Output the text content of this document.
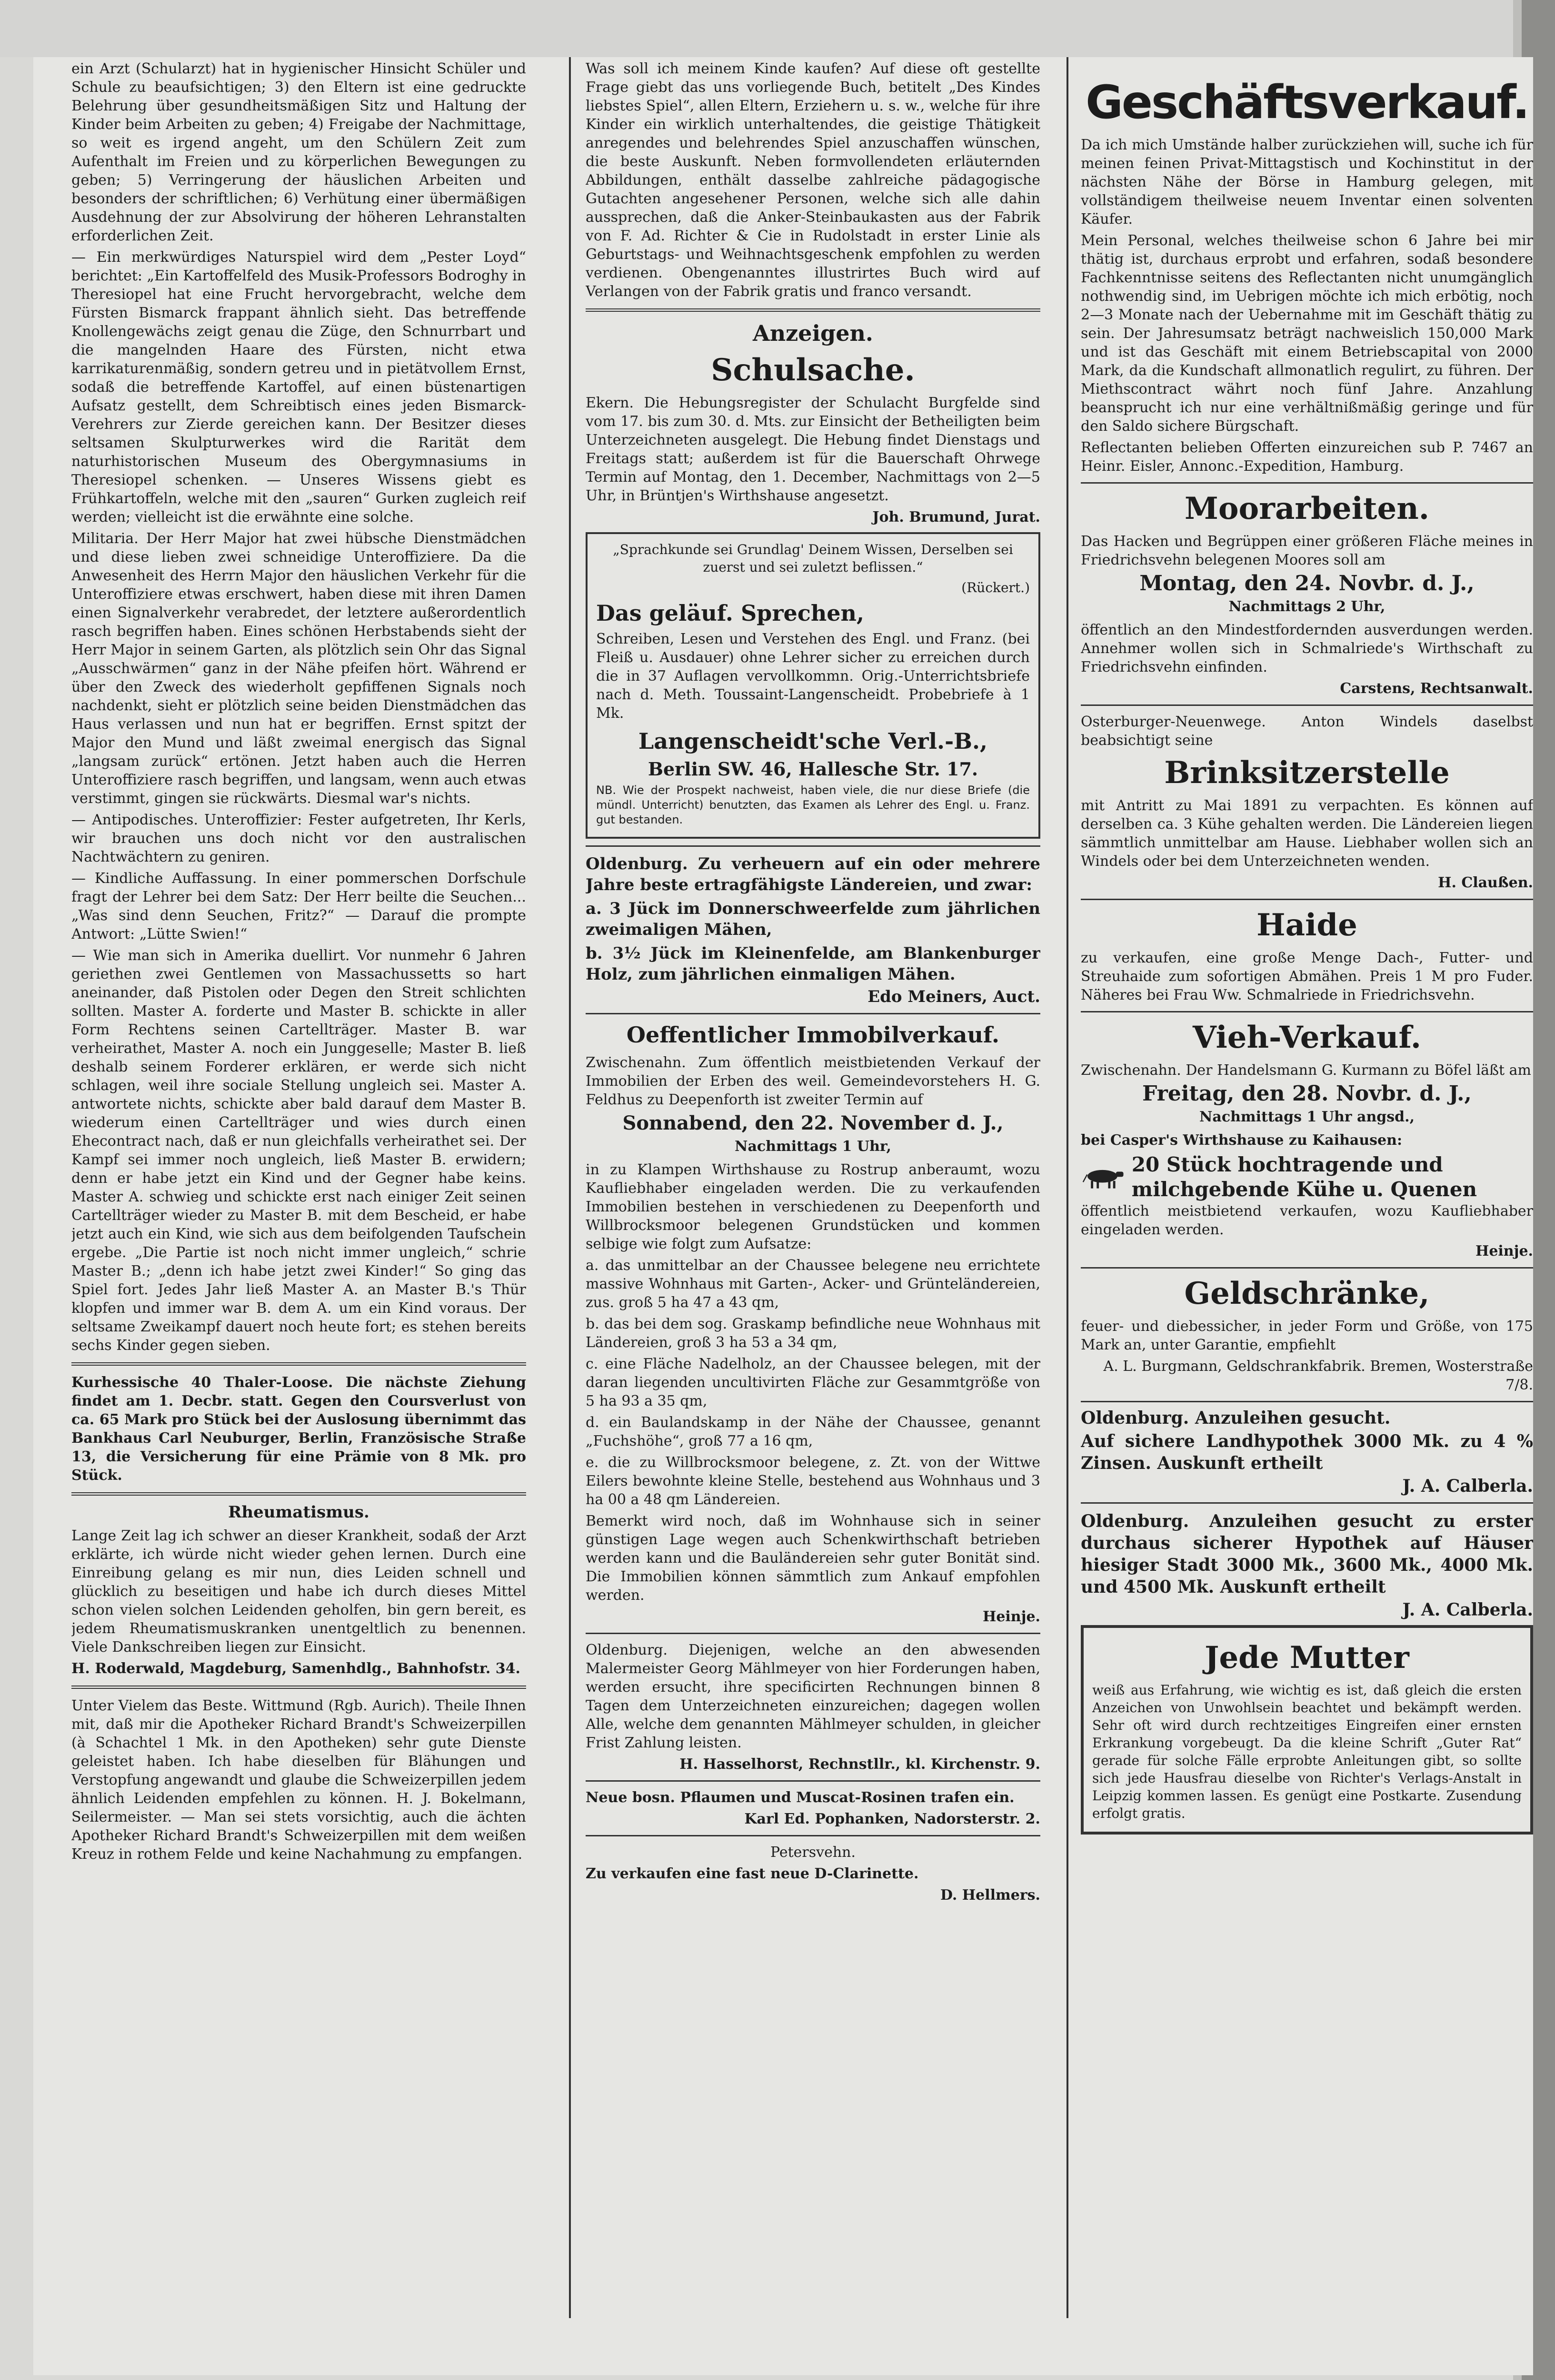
ein Arzt (Schularzt) hat in hygienischer Hinsicht Schüler und Schule zu beaufsichtigen; 3) den Eltern ist eine gedruckte Belehrung über gesundheitsmäßigen Sitz und Haltung der Kinder beim Arbeiten zu geben; 4) Freigabe der Nachmittage, so weit es irgend angeht, um den Schülern Zeit zum Aufenthalt im Freien und zu körperlichen Bewegungen zu geben; 5) Verringerung der häuslichen Arbeiten und besonders der schriftlichen; 6) Verhütung einer übermäßigen Ausdehnung der zur Absolvirung der höheren Lehranstalten erforderlichen Zeit.

— Ein merkwürdiges Naturspiel wird dem „Pester Loyd“ berichtet: „Ein Kartoffelfeld des Musik-Professors Bodroghy in Theresiopel hat eine Frucht hervorgebracht, welche dem Fürsten Bismarck frappant ähnlich sieht. Das betreffende Knollengewächs zeigt genau die Züge, den Schnurrbart und die mangelnden Haare des Fürsten, nicht etwa karrikaturenmäßig, sondern getreu und in pietätvollem Ernst, sodaß die betreffende Kartoffel, auf einen büstenartigen Aufsatz gestellt, dem Schreibtisch eines jeden Bismarck-Verehrers zur Zierde gereichen kann. Der Besitzer dieses seltsamen Skulpturwerkes wird die Rarität dem naturhistorischen Museum des Obergymnasiums in Theresiopel schenken. — Unseres Wissens giebt es Frühkartoffeln, welche mit den „sauren“ Gurken zugleich reif werden; vielleicht ist die erwähnte eine solche.

Militaria. Der Herr Major hat zwei hübsche Dienstmädchen und diese lieben zwei schneidige Unteroffiziere. Da die Anwesenheit des Herrn Major den häuslichen Verkehr für die Unteroffiziere etwas erschwert, haben diese mit ihren Damen einen Signalverkehr verabredet, der letztere außerordentlich rasch begriffen haben. Eines schönen Herbstabends sieht der Herr Major in seinem Garten, als plötzlich sein Ohr das Signal „Ausschwärmen“ ganz in der Nähe pfeifen hört. Während er über den Zweck des wiederholt gepfiffenen Signals noch nachdenkt, sieht er plötzlich seine beiden Dienstmädchen das Haus verlassen und nun hat er begriffen. Ernst spitzt der Major den Mund und läßt zweimal energisch das Signal „langsam zurück“ ertönen. Jetzt haben auch die Herren Unteroffiziere rasch begriffen, und langsam, wenn auch etwas verstimmt, gingen sie rückwärts. Diesmal war's nichts.

— Antipodisches. Unteroffizier: Fester aufgetreten, Ihr Kerls, wir brauchen uns doch nicht vor den australischen Nachtwächtern zu geniren.

— Kindliche Auffassung. In einer pommerschen Dorfschule fragt der Lehrer bei dem Satz: Der Herr beilte die Seuchen... „Was sind denn Seuchen, Fritz?“ — Darauf die prompte Antwort: „Lütte Swien!“

— Wie man sich in Amerika duellirt. Vor nunmehr 6 Jahren geriethen zwei Gentlemen von Massachussetts so hart aneinander, daß Pistolen oder Degen den Streit schlichten sollten. Master A. forderte und Master B. schickte in aller Form Rechtens seinen Cartellträger. Master B. war verheirathet, Master A. noch ein Junggeselle; Master B. ließ deshalb seinem Forderer erklären, er werde sich nicht schlagen, weil ihre sociale Stellung ungleich sei. Master A. antwortete nichts, schickte aber bald darauf dem Master B. wiederum einen Cartellträger und wies durch einen Ehecontract nach, daß er nun gleichfalls verheirathet sei. Der Kampf sei immer noch ungleich, ließ Master B. erwidern; denn er habe jetzt ein Kind und der Gegner habe keins. Master A. schwieg und schickte erst nach einiger Zeit seinen Cartellträger wieder zu Master B. mit dem Bescheid, er habe jetzt auch ein Kind, wie sich aus dem beifolgenden Taufschein ergebe. „Die Partie ist noch nicht immer ungleich,“ schrie Master B.; „denn ich habe jetzt zwei Kinder!“ So ging das Spiel fort. Jedes Jahr ließ Master A. an Master B.'s Thür klopfen und immer war B. dem A. um ein Kind voraus. Der seltsame Zweikampf dauert noch heute fort; es stehen bereits sechs Kinder gegen sieben.

Kurhessische 40 Thaler-Loose. Die nächste Ziehung findet am 1. Decbr. statt. Gegen den Coursverlust von ca. 65 Mark pro Stück bei der Auslosung übernimmt das Bankhaus Carl Neuburger, Berlin, Französische Straße 13, die Versicherung für eine Prämie von 8 Mk. pro Stück.

Rheumatismus.

Lange Zeit lag ich schwer an dieser Krankheit, sodaß der Arzt erklärte, ich würde nicht wieder gehen lernen. Durch eine Einreibung gelang es mir nun, dies Leiden schnell und glücklich zu beseitigen und habe ich durch dieses Mittel schon vielen solchen Leidenden geholfen, bin gern bereit, es jedem Rheumatismuskranken unentgeltlich zu benennen. Viele Dankschreiben liegen zur Einsicht.

H. Roderwald, Magdeburg, Samenhdlg., Bahnhofstr. 34.

Unter Vielem das Beste. Wittmund (Rgb. Aurich). Theile Ihnen mit, daß mir die Apotheker Richard Brandt's Schweizerpillen (à Schachtel 1 Mk. in den Apotheken) sehr gute Dienste geleistet haben. Ich habe dieselben für Blähungen und Verstopfung angewandt und glaube die Schweizerpillen jedem ähnlich Leidenden empfehlen zu können. H. J. Bokelmann, Seilermeister. — Man sei stets vorsichtig, auch die ächten Apotheker Richard Brandt's Schweizerpillen mit dem weißen Kreuz in rothem Felde und keine Nachahmung zu empfangen.

Was soll ich meinem Kinde kaufen? Auf diese oft gestellte Frage giebt das uns vorliegende Buch, betitelt „Des Kindes liebstes Spiel“, allen Eltern, Erziehern u. s. w., welche für ihre Kinder ein wirklich unterhaltendes, die geistige Thätigkeit anregendes und belehrendes Spiel anzuschaffen wünschen, die beste Auskunft. Neben formvollendeten erläuternden Abbildungen, enthält dasselbe zahlreiche pädagogische Gutachten angesehener Personen, welche sich alle dahin aussprechen, daß die Anker-Steinbaukasten aus der Fabrik von F. Ad. Richter & Cie in Rudolstadt in erster Linie als Geburtstags- und Weihnachtsgeschenk empfohlen zu werden verdienen. Obengenanntes illustrirtes Buch wird auf Verlangen von der Fabrik gratis und franco versandt.

Anzeigen.

Schulsache.

Ekern. Die Hebungsregister der Schulacht Burgfelde sind vom 17. bis zum 30. d. Mts. zur Einsicht der Betheiligten beim Unterzeichneten ausgelegt. Die Hebung findet Dienstags und Freitags statt; außerdem ist für die Bauerschaft Ohrwege Termin auf Montag, den 1. December, Nachmittags von 2—5 Uhr, in Brüntjen's Wirthshause angesetzt.

Joh. Brumund, Jurat.

„Sprachkunde sei Grundlag' Deinem Wissen, Derselben sei zuerst und sei zuletzt beflissen.“

(Rückert.)

Das geläuf. Sprechen,

Schreiben, Lesen und Verstehen des Engl. und Franz. (bei Fleiß u. Ausdauer) ohne Lehrer sicher zu erreichen durch die in 37 Auflagen vervollkommn. Orig.-Unterrichtsbriefe nach d. Meth. Toussaint-Langenscheidt. Probebriefe à 1 Mk.

Langenscheidt'sche Verl.-B.,

Berlin SW. 46, Hallesche Str. 17.

NB. Wie der Prospekt nachweist, haben viele, die nur diese Briefe (die mündl. Unterricht) benutzten, das Examen als Lehrer des Engl. u. Franz. gut bestanden.

Oldenburg. Zu verheuern auf ein oder mehrere Jahre beste ertragfähigste Ländereien, und zwar:

a. 3 Jück im Donnerschweerfelde zum jährlichen zweimaligen Mähen,

b. 3½ Jück im Kleinenfelde, am Blankenburger Holz, zum jährlichen einmaligen Mähen.

Edo Meiners, Auct.

Oeffentlicher Immobilverkauf.

Zwischenahn. Zum öffentlich meistbietenden Verkauf der Immobilien der Erben des weil. Gemeindevorstehers H. G. Feldhus zu Deepenforth ist zweiter Termin auf

Sonnabend, den 22. November d. J.,

Nachmittags 1 Uhr,

in zu Klampen Wirthshause zu Rostrup anberaumt, wozu Kaufliebhaber eingeladen werden. Die zu verkaufenden Immobilien bestehen in verschiedenen zu Deepenforth und Willbrocksmoor belegenen Grundstücken und kommen selbige wie folgt zum Aufsatze:

a. das unmittelbar an der Chaussee belegene neu errichtete massive Wohnhaus mit Garten-, Acker- und Grünteländereien, zus. groß 5 ha 47 a 43 qm,

b. das bei dem sog. Graskamp befindliche neue Wohnhaus mit Ländereien, groß 3 ha 53 a 34 qm,

c. eine Fläche Nadelholz, an der Chaussee belegen, mit der daran liegenden uncultivirten Fläche zur Gesammtgröße von 5 ha 93 a 35 qm,

d. ein Baulandskamp in der Nähe der Chaussee, genannt „Fuchshöhe“, groß 77 a 16 qm,

e. die zu Willbrocksmoor belegene, z. Zt. von der Wittwe Eilers bewohnte kleine Stelle, bestehend aus Wohnhaus und 3 ha 00 a 48 qm Ländereien.

Bemerkt wird noch, daß im Wohnhause sich in seiner günstigen Lage wegen auch Schenkwirthschaft betrieben werden kann und die Bauländereien sehr guter Bonität sind. Die Immobilien können sämmtlich zum Ankauf empfohlen werden.

Heinje.

Oldenburg. Diejenigen, welche an den abwesenden Malermeister Georg Mählmeyer von hier Forderungen haben, werden ersucht, ihre specificirten Rechnungen binnen 8 Tagen dem Unterzeichneten einzureichen; dagegen wollen Alle, welche dem genannten Mählmeyer schulden, in gleicher Frist Zahlung leisten.

H. Hasselhorst, Rechnstllr., kl. Kirchenstr. 9.

Neue bosn. Pflaumen und Muscat-Rosinen trafen ein.

Karl Ed. Pophanken, Nadorsterstr. 2.

Petersvehn.

Zu verkaufen eine fast neue D-Clarinette.

D. Hellmers.

Geschäftsverkauf.

Da ich mich Umstände halber zurückziehen will, suche ich für meinen feinen Privat-Mittagstisch und Kochinstitut in der nächsten Nähe der Börse in Hamburg gelegen, mit vollständigem theilweise neuem Inventar einen solventen Käufer.

Mein Personal, welches theilweise schon 6 Jahre bei mir thätig ist, durchaus erprobt und erfahren, sodaß besondere Fachkenntnisse seitens des Reflectanten nicht unumgänglich nothwendig sind, im Uebrigen möchte ich mich erbötig, noch 2—3 Monate nach der Uebernahme mit im Geschäft thätig zu sein. Der Jahresumsatz beträgt nachweislich 150,000 Mark und ist das Geschäft mit einem Betriebscapital von 2000 Mark, da die Kundschaft allmonatlich regulirt, zu führen. Der Miethscontract währt noch fünf Jahre. Anzahlung beansprucht ich nur eine verhältnißmäßig geringe und für den Saldo sichere Bürgschaft.

Reflectanten belieben Offerten einzureichen sub P. 7467 an Heinr. Eisler, Annonc.-Expedition, Hamburg.

Moorarbeiten.

Das Hacken und Begrüppen einer größeren Fläche meines in Friedrichsvehn belegenen Moores soll am

Montag, den 24. Novbr. d. J.,

Nachmittags 2 Uhr,

öffentlich an den Mindestfordernden ausverdungen werden. Annehmer wollen sich in Schmalriede's Wirthschaft zu Friedrichsvehn einfinden.

Carstens, Rechtsanwalt.

Osterburger-Neuenwege. Anton Windels daselbst beabsichtigt seine

Brinksitzerstelle

mit Antritt zu Mai 1891 zu verpachten. Es können auf derselben ca. 3 Kühe gehalten werden. Die Ländereien liegen sämmtlich unmittelbar am Hause. Liebhaber wollen sich an Windels oder bei dem Unterzeichneten wenden.

H. Claußen.

Haide

zu verkaufen, eine große Menge Dach-, Futter- und Streuhaide zum sofortigen Abmähen. Preis 1 M pro Fuder. Näheres bei Frau Ww. Schmalriede in Friedrichsvehn.

Vieh-Verkauf.

Zwischenahn. Der Handelsmann G. Kurmann zu Böfel läßt am

Freitag, den 28. Novbr. d. J.,

Nachmittags 1 Uhr angsd.,

bei Casper's Wirthshause zu Kaihausen:

20 Stück hochtragende und milchgebende Kühe u. Quenen

öffentlich meistbietend verkaufen, wozu Kaufliebhaber eingeladen werden.

Heinje.

Geldschränke,

feuer- und diebessicher, in jeder Form und Größe, von 175 Mark an, unter Garantie, empfiehlt

A. L. Burgmann, Geldschrankfabrik. Bremen, Wosterstraße 7/8.

Oldenburg. Anzuleihen gesucht.

Auf sichere Landhypothek 3000 Mk. zu 4 % Zinsen. Auskunft ertheilt

J. A. Calberla.

Oldenburg. Anzuleihen gesucht zu erster durchaus sicherer Hypothek auf Häuser hiesiger Stadt 3000 Mk., 3600 Mk., 4000 Mk. und 4500 Mk. Auskunft ertheilt

J. A. Calberla.

Jede Mutter

weiß aus Erfahrung, wie wichtig es ist, daß gleich die ersten Anzeichen von Unwohlsein beachtet und bekämpft werden. Sehr oft wird durch rechtzeitiges Eingreifen einer ernsten Erkrankung vorgebeugt. Da die kleine Schrift „Guter Rat“ gerade für solche Fälle erprobte Anleitungen gibt, so sollte sich jede Hausfrau dieselbe von Richter's Verlags-Anstalt in Leipzig kommen lassen. Es genügt eine Postkarte. Zusendung erfolgt gratis.
